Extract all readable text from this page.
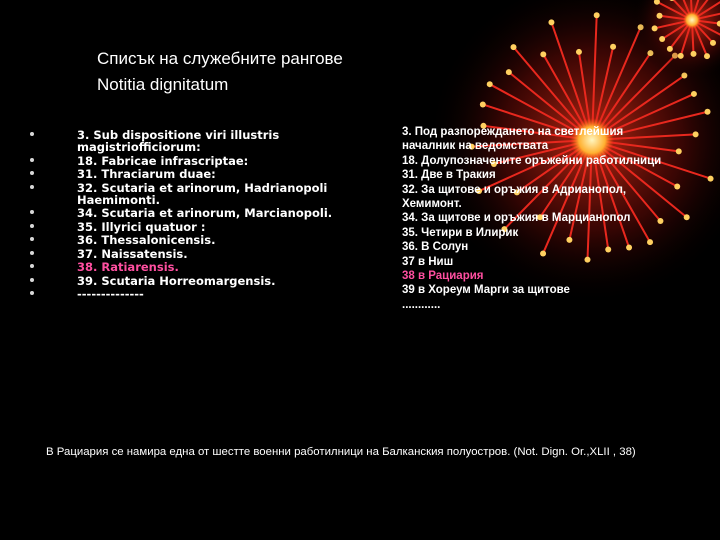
Списък на служебните рангове
Notitia dignitatum
3. Sub dispositione viri illustris magistriofficiorum:
18. Fabricae infrascriptae:
31. Thraciarum duae:
32. Scutaria et arinorum, Hadrianopoli Haemimonti.
34. Scutaria et arinorum, Marcianopoli.
35. Illyrici quatuor :
36. Thessalonicensis.
37. Naissatensis.
38. Ratiarensis.
39. Scutaria Horreomargensis.
--------------
3. Под разпореждането на светлейшия
началник на ведомствата
18. Долупозначените оръжейни работилници
31. Две в Тракия
32. За щитове и оръжия в Адрианопол,
Хемимонт.
34. За щитове и оръжия в Марцианопол
35. Четири в Илирик
36. В Солун
37 в Ниш
38 в Рациария
39 в Хореум Марги за щитове
............
В Рациария се намира една от шестте военни работилници на Балканския полуостров. (Not. Dign. Or.,XLII , 38)
